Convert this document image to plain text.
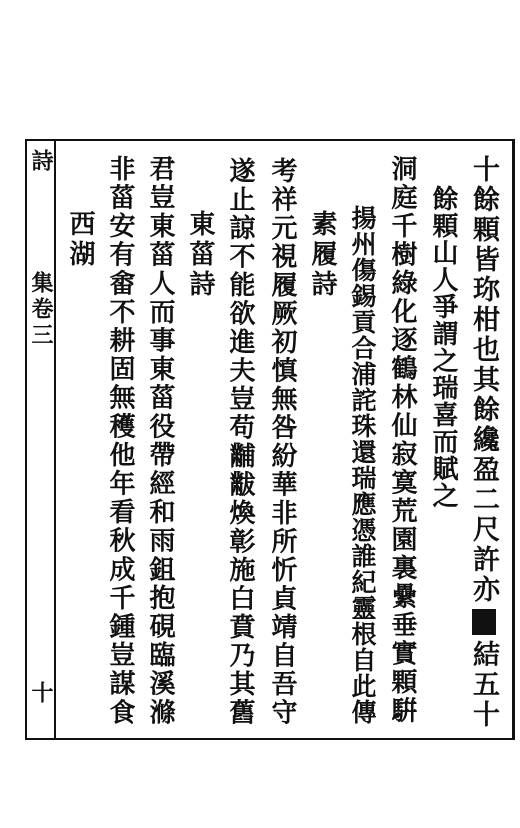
詩
集卷三
十
十餘顆皆珎柑也其餘纔盈二尺許亦
結五十
餘顆山人爭謂之瑞喜而賦之
洞庭千樹綠化逐鶴林仙寂寞荒園裏纍垂實顆騈
揚州傷錫貢合浦詫珠還瑞應憑誰紀靈根自此傳
素履詩
考祥元視履厥初慎無咎紛華非所忻貞靖自吾守
遂止諒不能欲進夫豈苟黼黻煥彰施白賁乃其舊
東菑詩
君豈東菑人而事東菑役帶經和雨鉏抱硯臨溪滌
非菑安有畬不耕固無穫他年看秋成千鍾豈謀食
西湖
